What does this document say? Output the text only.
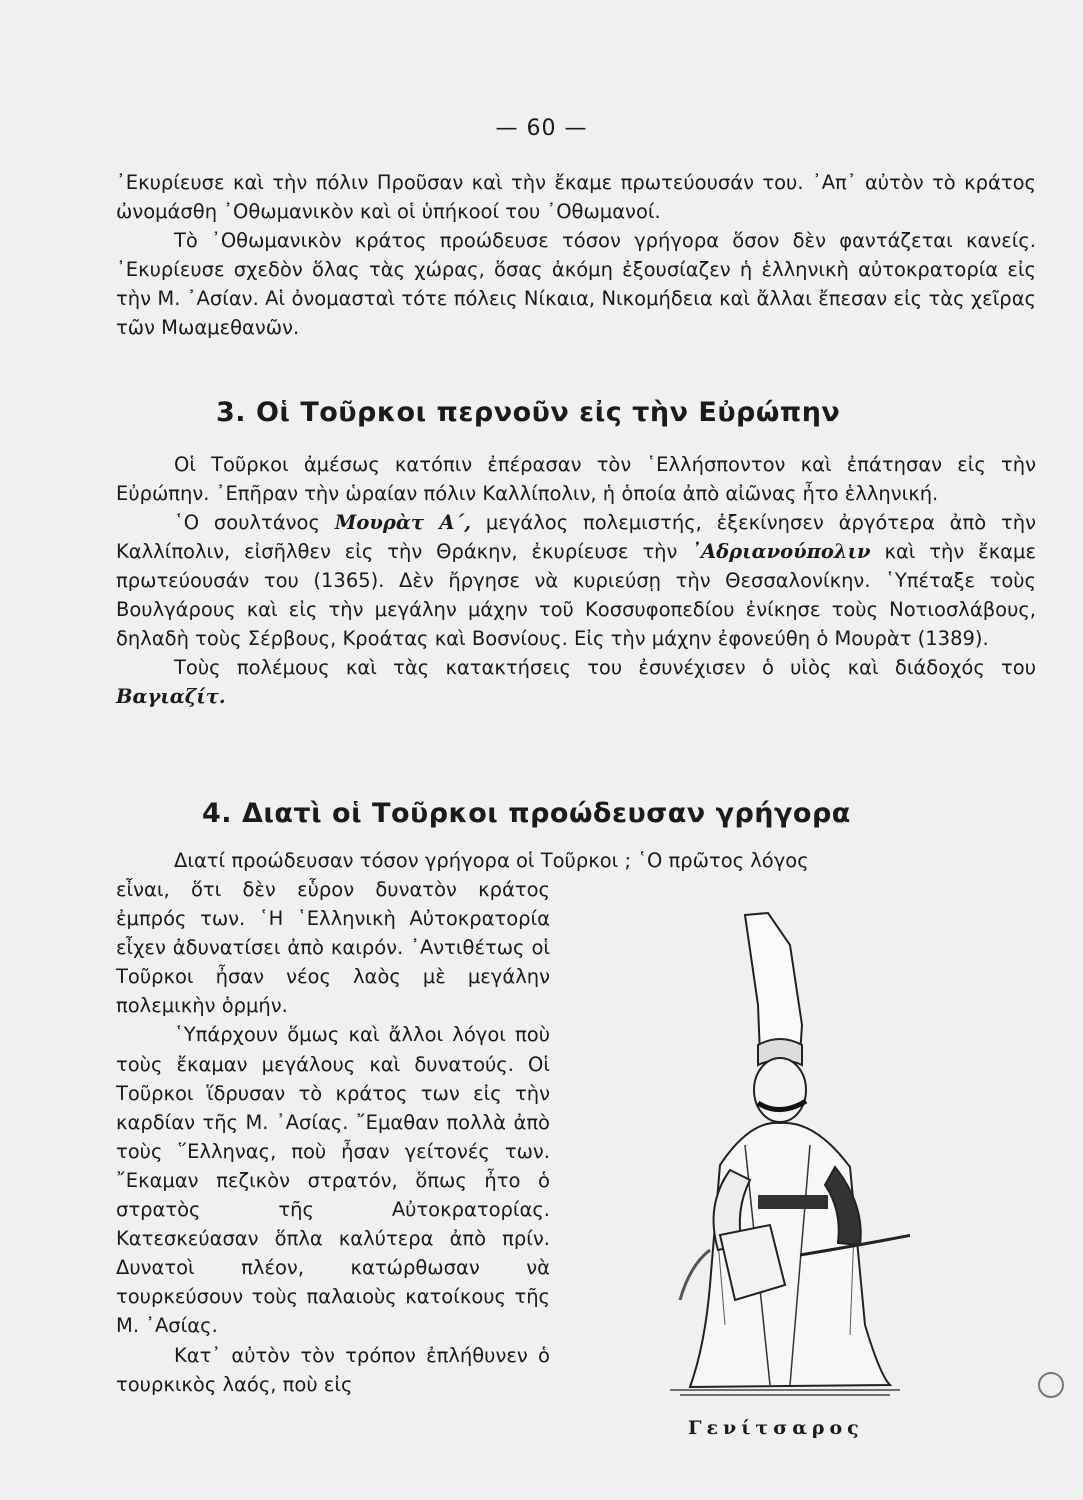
— 60 —

᾿Εκυρίευσε καὶ τὴν πόλιν Προῦσαν καὶ τὴν ἔκαμε πρωτεύουσάν του. ᾿Απ᾿ αὐτὸν τὸ κράτος ὠνομάσθη ᾿Οθωμανικὸν καὶ οἱ ὑπήκοοί του ᾿Οθωμανοί.

Τὸ ᾿Οθωμανικὸν κράτος προώδευσε τόσον γρήγορα ὅσον δὲν φαντάζεται κανείς. ᾿Εκυρίευσε σχεδὸν ὅλας τὰς χώρας, ὅσας ἀκόμη ἐξουσίαζεν ἡ ἑλληνικὴ αὐτοκρατορία εἰς τὴν Μ. ᾿Ασίαν. Αἱ ὀνομασταὶ τότε πόλεις Νίκαια, Νικομήδεια καὶ ἄλλαι ἔπεσαν εἰς τὰς χεῖρας τῶν Μωαμεθανῶν.

3. Οἱ Τοῦρκοι περνοῦν εἰς τὴν Εὐρώπην

Οἱ Τοῦρκοι ἀμέσως κατόπιν ἐπέρασαν τὸν ῾Ελλήσποντον καὶ ἐπάτησαν εἰς τὴν Εὐρώπην. ᾿Επῆραν τὴν ὡραίαν πόλιν Καλλίπολιν, ἡ ὁποία ἀπὸ αἰῶνας ἦτο ἑλληνική.

῾Ο σουλτάνος Μουρὰτ Α΄, μεγάλος πολεμιστής, ἐξεκίνησεν ἀργότερα ἀπὸ τὴν Καλλίπολιν, εἰσῆλθεν εἰς τὴν Θράκην, ἐκυρίευσε τὴν ᾿Αδριανούπολιν καὶ τὴν ἔκαμε πρωτεύουσάν του (1365). Δὲν ἤργησε νὰ κυριεύσῃ τὴν Θεσσαλονίκην. ῾Υπέταξε τοὺς Βουλγάρους καὶ εἰς τὴν μεγάλην μάχην τοῦ Κοσσυφοπεδίου ἐνίκησε τοὺς Νοτιοσλάβους, δηλαδὴ τοὺς Σέρβους, Κροάτας καὶ Βοσνίους. Εἰς τὴν μάχην ἐφονεύθη ὁ Μουρὰτ (1389).

Τοὺς πολέμους καὶ τὰς κατακτήσεις του ἐσυνέχισεν ὁ υἱὸς καὶ διάδοχός του Βαγιαζίτ.

4. Διατὶ οἱ Τοῦρκοι προώδευσαν γρήγορα

Διατί προώδευσαν τόσον γρήγορα οἱ Τοῦρκοι ; ῾Ο πρῶτος λόγος

εἶναι, ὅτι δὲν εὗρον δυνατὸν κράτος ἐμπρός των. ῾Η ῾Ελληνικὴ Αὐτοκρατορία εἶχεν ἀδυνατίσει ἀπὸ καιρόν. ᾿Αντιθέτως οἱ Τοῦρκοι ἦσαν νέος λαὸς μὲ μεγάλην πολεμικὴν ὁρμήν.

῾Υπάρχουν ὅμως καὶ ἄλλοι λόγοι ποὺ τοὺς ἔκαμαν μεγάλους καὶ δυνατούς. Οἱ Τοῦρκοι ἵδρυσαν τὸ κράτος των εἰς τὴν καρδίαν τῆς Μ. ᾿Ασίας. ῎Εμαθαν πολλὰ ἀπὸ τοὺς ῞Ελληνας, ποὺ ἦσαν γείτονές των. ῎Εκαμαν πεζικὸν στρατόν, ὅπως ἦτο ὁ στρατὸς τῆς Αὐτοκρατορίας. Κατεσκεύασαν ὅπλα καλύτερα ἀπὸ πρίν. Δυνατοὶ πλέον, κατώρθωσαν νὰ τουρκεύσουν τοὺς παλαιοὺς κατοίκους τῆς Μ. ᾿Ασίας.

Κατ᾿ αὐτὸν τὸν τρόπον ἐπλήθυνεν ὁ τουρκικὸς λαός, ποὺ εἰς

Γενίτσαρος
